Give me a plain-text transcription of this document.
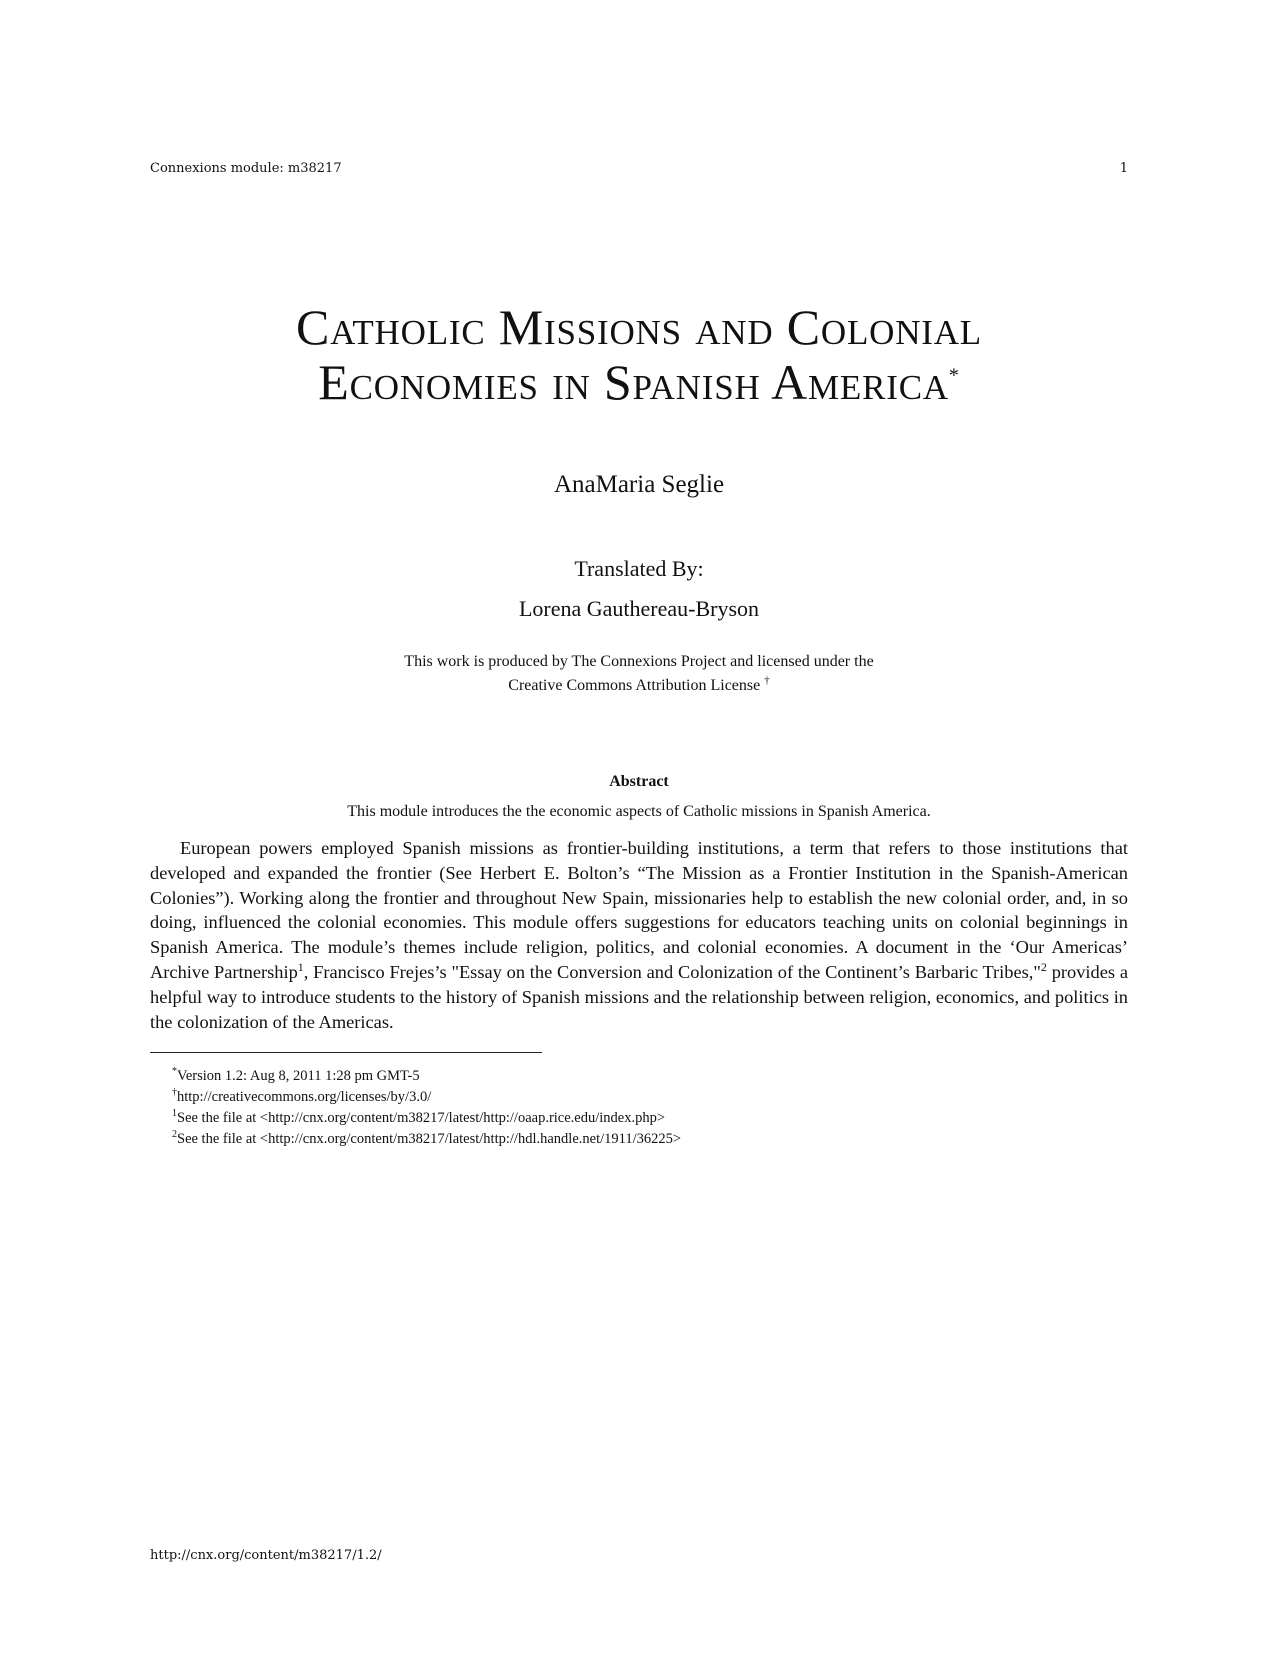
Connexions module: m38217	1
Catholic Missions and Colonial
Economies in Spanish America*
AnaMaria Seglie
Translated By:
Lorena Gauthereau-Bryson
This work is produced by The Connexions Project and licensed under the
Creative Commons Attribution License †
Abstract
This module introduces the the economic aspects of Catholic missions in Spanish America.

European powers employed Spanish missions as frontier-building institutions, a term that refers to those institutions that developed and expanded the frontier (See Herbert E. Bolton’s “The Mission as a Frontier Institution in the Spanish-American Colonies”). Working along the frontier and throughout New Spain, missionaries help to establish the new colonial order, and, in so doing, influenced the colonial economies. This module offers suggestions for educators teaching units on colonial beginnings in Spanish America. The module’s themes include religion, politics, and colonial economies. A document in the ‘Our Americas’ Archive Partnership$^1$, Francisco Frejes’s "Essay on the Conversion and Colonization of the Continent’s Barbaric Tribes,"$^2$ provides a helpful way to introduce students to the history of Spanish missions and the relationship between religion, economics, and politics in the colonization of the Americas.

*Version 1.2: Aug 8, 2011 1:28 pm GMT-5
†http://creativecommons.org/licenses/by/3.0/
$^1$See the file at <http://cnx.org/content/m38217/latest/http://oaap.rice.edu/index.php>
$^2$See the file at <http://cnx.org/content/m38217/latest/http://hdl.handle.net/1911/36225>
http://cnx.org/content/m38217/1.2/
